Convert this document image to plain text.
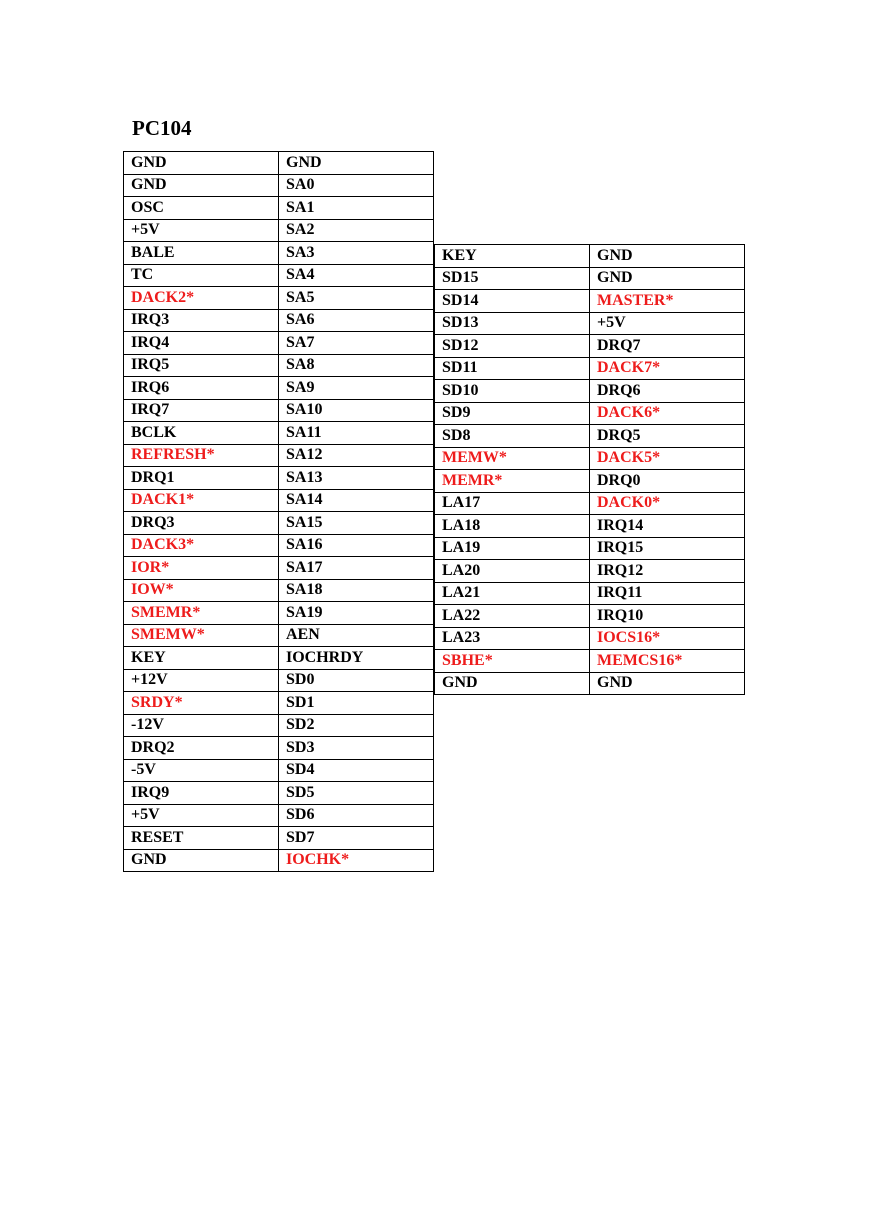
PC104
GND	GND
GND	SA0
OSC	SA1
+5V	SA2
BALE	SA3
TC	SA4
DACK2*	SA5
IRQ3	SA6
IRQ4	SA7
IRQ5	SA8
IRQ6	SA9
IRQ7	SA10
BCLK	SA11
REFRESH*	SA12
DRQ1	SA13
DACK1*	SA14
DRQ3	SA15
DACK3*	SA16
IOR*	SA17
IOW*	SA18
SMEMR*	SA19
SMEMW*	AEN
KEY	IOCHRDY
+12V	SD0
SRDY*	SD1
-12V	SD2
DRQ2	SD3
-5V	SD4
IRQ9	SD5
+5V	SD6
RESET	SD7
GND	IOCHK*
KEY	GND
SD15	GND
SD14	MASTER*
SD13	+5V
SD12	DRQ7
SD11	DACK7*
SD10	DRQ6
SD9	DACK6*
SD8	DRQ5
MEMW*	DACK5*
MEMR*	DRQ0
LA17	DACK0*
LA18	IRQ14
LA19	IRQ15
LA20	IRQ12
LA21	IRQ11
LA22	IRQ10
LA23	IOCS16*
SBHE*	MEMCS16*
GND	GND
